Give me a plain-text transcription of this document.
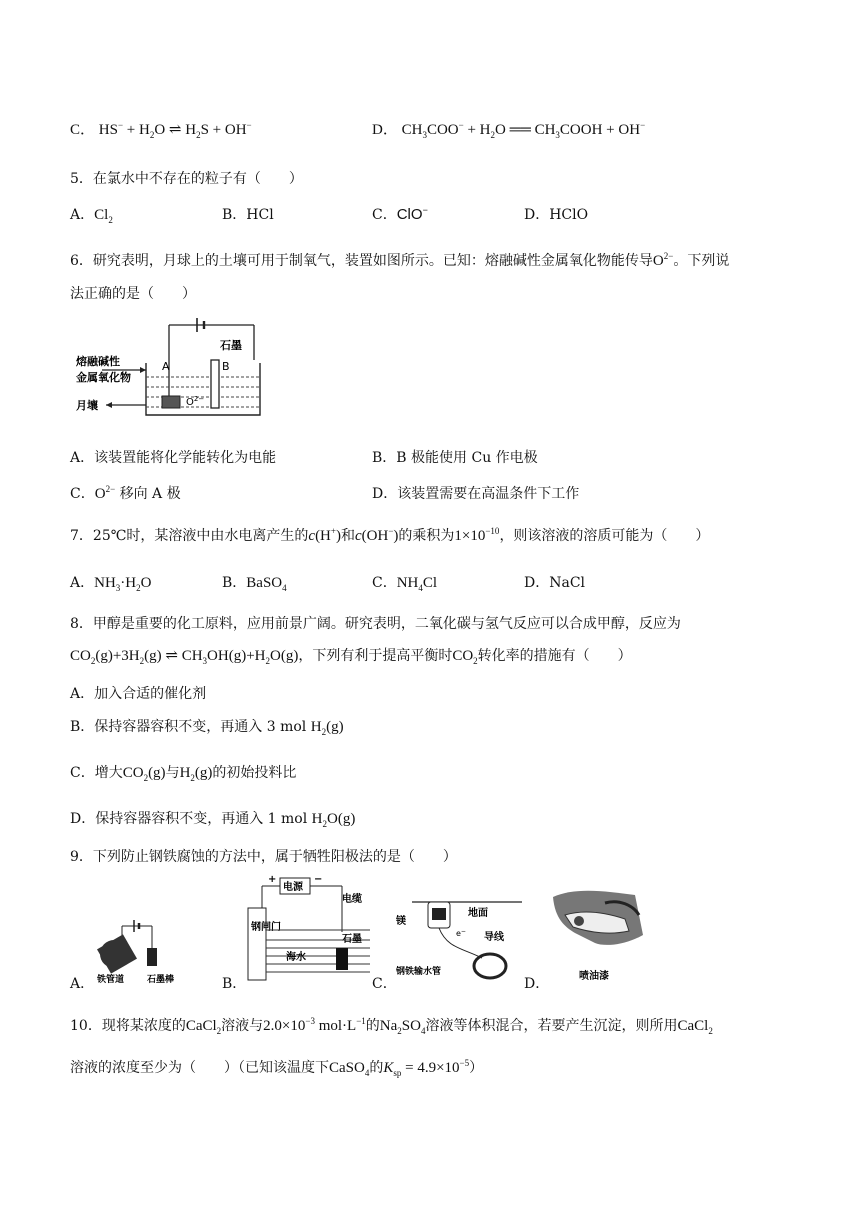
C． $HS^- + H_2O$ ⇌ $H_2S + OH^-$	D． $CH_3COO^- + H_2O$ ══ $CH_3COOH + OH^-$
5．在氯水中不存在的粒子有（　　）
A．$Cl_2$	B．HCl	C．ClO−	D．HClO
6．研究表明，月球上的土壤可用于制氧气，装置如图所示。已知：熔融碱性金属氧化物能传导$O^{2-}$。下列说
法正确的是（　　）
熔融碱性
金属氧化物
月壤
石墨
A	B
$O^{2-}$
A．该装置能将化学能转化为电能	B．B 极能使用 Cu 作电极
C．$O^{2-}$ 移向 A 极	D．该装置需要在高温条件下工作
7．25℃时，某溶液中由水电离产生的c(H+)和c(OH−)的乘积为$1\times 10^{-10}$，则该溶液的溶质可能为（　　）
A．$NH_3\cdot H_2O$	B．BaSO$_4$	C．$NH_4Cl$	D．NaCl
8．甲醇是重要的化工原料，应用前景广阔。研究表明，二氧化碳与氢气反应可以合成甲醇，反应为
$CO_2(g)+3H_2(g)$ ⇌ $CH_3OH(g)+H_2O(g)$，下列有利于提高平衡时$CO_2$转化率的措施有（　　）
A．加入合适的催化剂
B．保持容器容积不变，再通入 3 mol $H_2(g)$
C．增大$CO_2(g)$与$H_2(g)$的初始投料比
D．保持容器容积不变，再通入 1 mol $H_2O(g)$
9．下列防止钢铁腐蚀的方法中，属于牺牲阳极法的是（　　）
A． 铁管道	石墨棒	B．
+	−
电源
电缆
钢闸门
海水
石墨
C．
镁
地面
e−
导线
钢铁输水管
D．	喷油漆
10．现将某浓度的CaCl$_2$溶液与$2.0\times 10^{-3}$ $mol\cdot L^{-1}$的$Na_2SO_4$溶液等体积混合，若要产生沉淀，则所用CaCl$_2$
溶液的浓度至少为（　　）（已知该温度下CaSO$_4$的$K_{sp} = 4.9\times 10^{-5}$）
